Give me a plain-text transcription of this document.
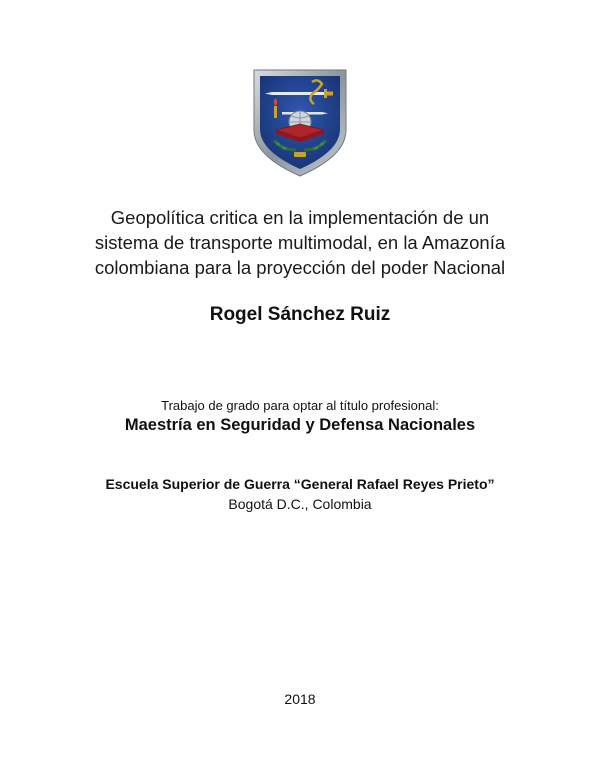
Geopolítica critica en la implementación de un
sistema de transporte multimodal, en la Amazonía
colombiana para la proyección del poder Nacional
Rogel Sánchez Ruiz
Trabajo de grado para optar al título profesional:
Maestría en Seguridad y Defensa Nacionales
Escuela Superior de Guerra “General Rafael Reyes Prieto”
Bogotá D.C., Colombia
2018
